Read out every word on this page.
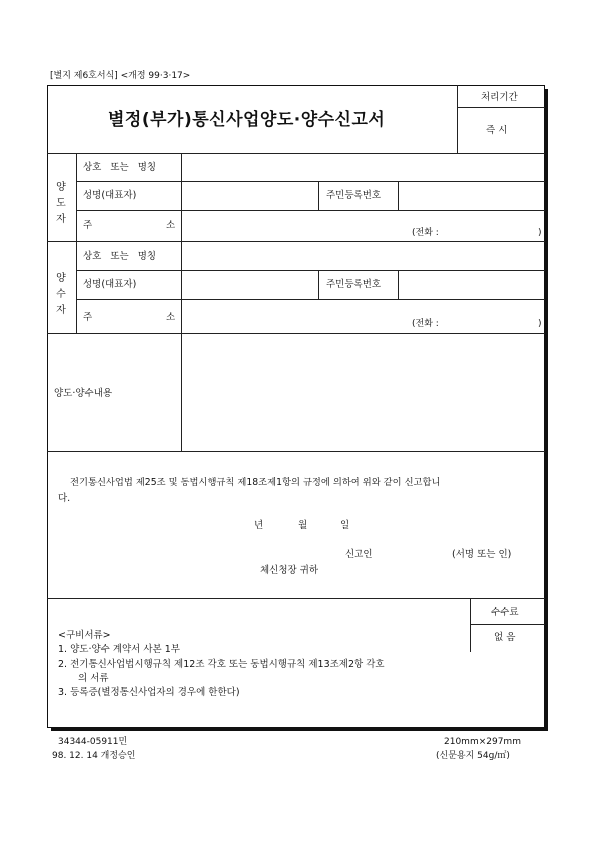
[별지 제6호서식] <개정 99·3·17>
별정(부가)통신사업양도·양수신고서
처리기간
즉 시
양도자
상호 또는 명칭
성명(대표자)	주민등록번호
주	소
(전화 :	)
양수자
상호 또는 명칭
성명(대표자)	주민등록번호
주	소
(전화 :	)
양도·양수내용
전기통신사업법 제25조 및 동법시행규칙 제18조제1항의 규정에 의하여 위와 같이 신고합니
다.
년	월	일
신고인	(서명 또는 인)
체신청장 귀하
수수료
없 음
<구비서류>
1. 양도·양수 계약서 사본 1부
2. 전기통신사업법시행규칙 제12조 각호 또는 동법시행규칙 제13조제2항 각호
의 서류
3. 등록증(별정통신사업자의 경우에 한한다)
34344-05911민
98. 12. 14 개정승인
210mm×297mm
(신문용지 54g/㎡)
